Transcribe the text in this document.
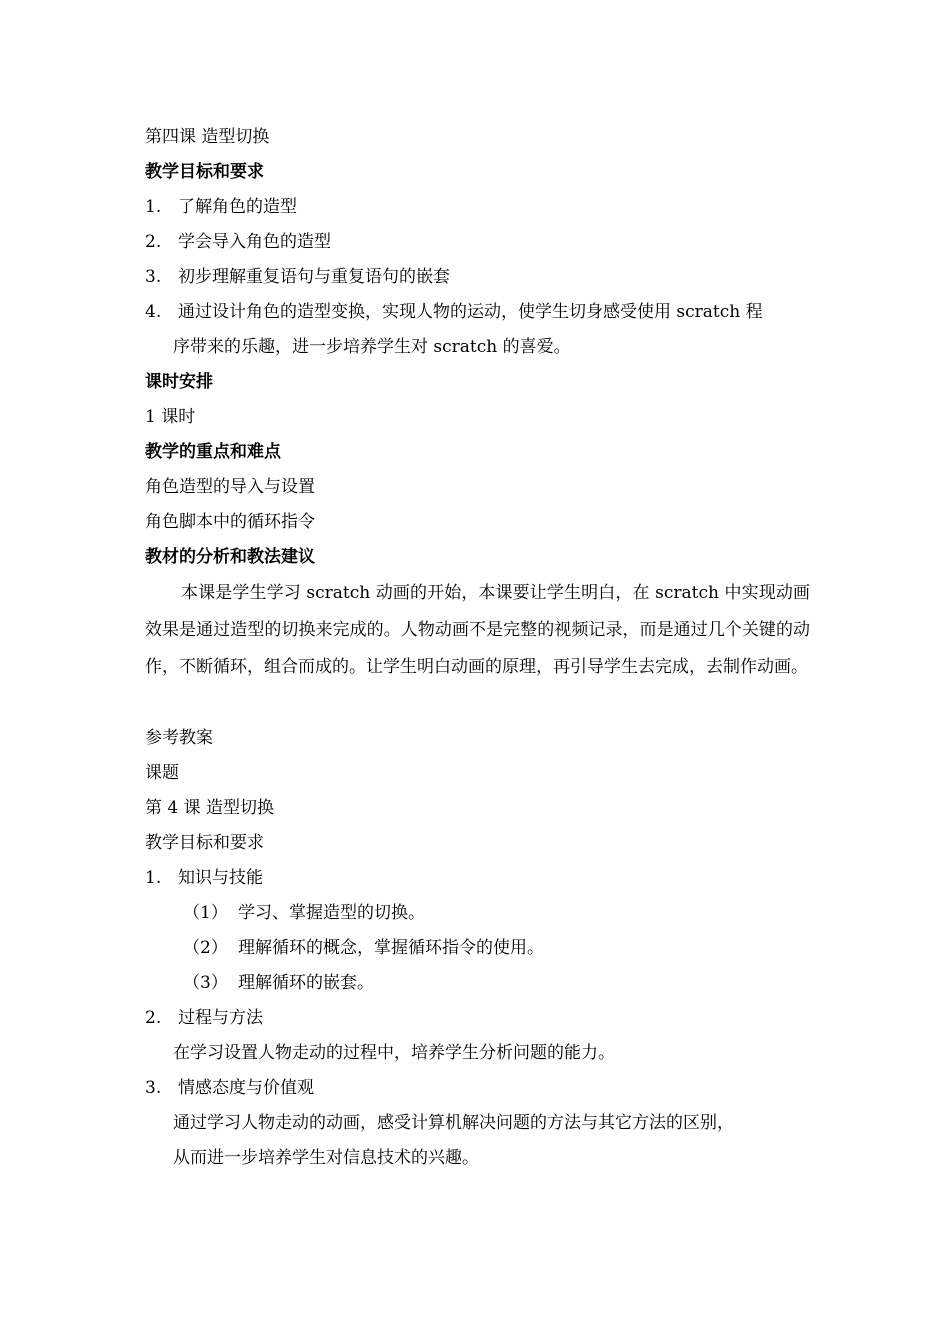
第四课 造型切换
教学目标和要求
1. 了解角色的造型
2. 学会导入角色的造型
3. 初步理解重复语句与重复语句的嵌套
4. 通过设计角色的造型变换，实现人物的运动，使学生切身感受使用 scratch 程
序带来的乐趣，进一步培养学生对 scratch 的喜爱。
课时安排
1 课时
教学的重点和难点
角色造型的导入与设置
角色脚本中的循环指令
教材的分析和教法建议
本课是学生学习 scratch 动画的开始，本课要让学生明白，在 scratch 中实现动画效果是通过造型的切换来完成的。人物动画不是完整的视频记录，而是通过几个关键的动作，不断循环，组合而成的。让学生明白动画的原理，再引导学生去完成，去制作动画。
参考教案
课题
第 4 课 造型切换
教学目标和要求
1. 知识与技能
（1） 学习、掌握造型的切换。
（2） 理解循环的概念，掌握循环指令的使用。
（3） 理解循环的嵌套。
2. 过程与方法
在学习设置人物走动的过程中，培养学生分析问题的能力。
3. 情感态度与价值观
通过学习人物走动的动画，感受计算机解决问题的方法与其它方法的区别，
从而进一步培养学生对信息技术的兴趣。
